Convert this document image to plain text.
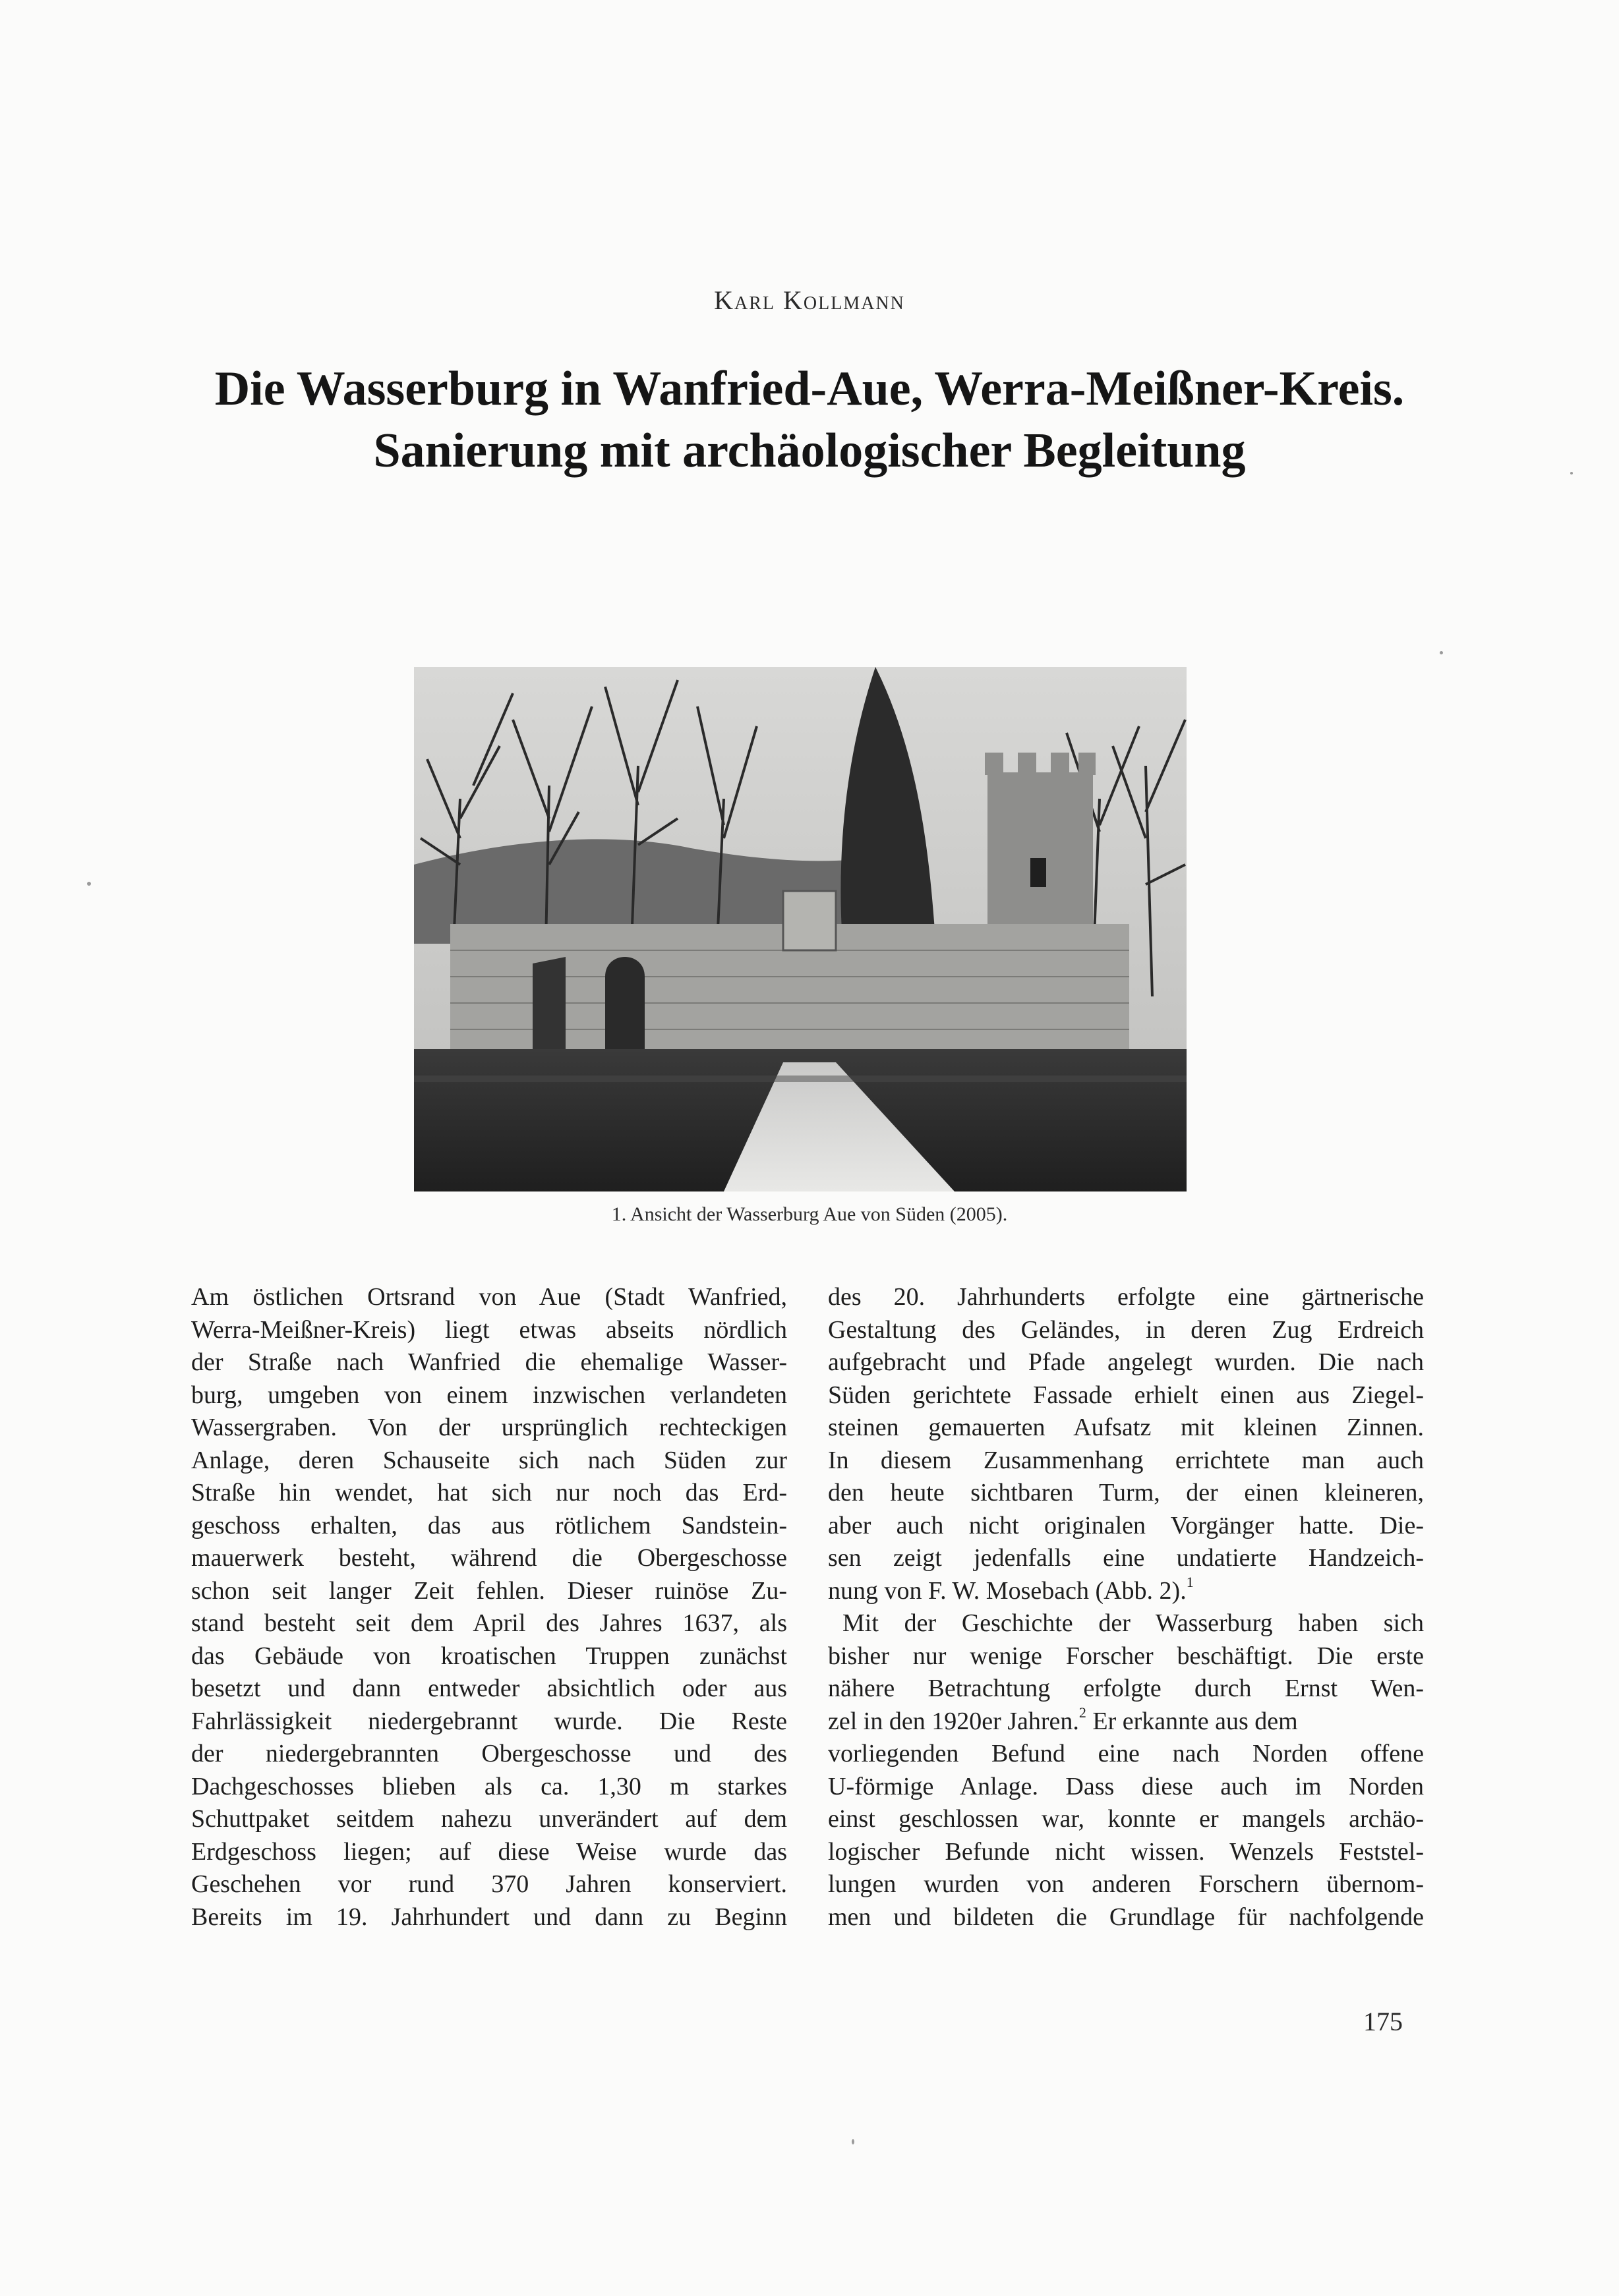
Karl Kollmann
Die Wasserburg in Wanfried-Aue, Werra-Meißner-Kreis.
Sanierung mit archäologischer Begleitung
1. Ansicht der Wasserburg Aue von Süden (2005).
Am östlichen Ortsrand von Aue (Stadt Wanfried,
Werra-Meißner-Kreis) liegt etwas abseits nördlich
der Straße nach Wanfried die ehemalige Wasser-
burg, umgeben von einem inzwischen verlandeten
Wassergraben. Von der ursprünglich rechteckigen
Anlage, deren Schauseite sich nach Süden zur
Straße hin wendet, hat sich nur noch das Erd-
geschoss erhalten, das aus rötlichem Sandstein-
mauerwerk besteht, während die Obergeschosse
schon seit langer Zeit fehlen. Dieser ruinöse Zu-
stand besteht seit dem April des Jahres 1637, als
das Gebäude von kroatischen Truppen zunächst
besetzt und dann entweder absichtlich oder aus
Fahrlässigkeit niedergebrannt wurde. Die Reste
der niedergebrannten Obergeschosse und des
Dachgeschosses blieben als ca. 1,30 m starkes
Schuttpaket seitdem nahezu unverändert auf dem
Erdgeschoss liegen; auf diese Weise wurde das
Geschehen vor rund 370 Jahren konserviert.
Bereits im 19. Jahrhundert und dann zu Beginn
des 20. Jahrhunderts erfolgte eine gärtnerische
Gestaltung des Geländes, in deren Zug Erdreich
aufgebracht und Pfade angelegt wurden. Die nach
Süden gerichtete Fassade erhielt einen aus Ziegel-
steinen gemauerten Aufsatz mit kleinen Zinnen.
In diesem Zusammenhang errichtete man auch
den heute sichtbaren Turm, der einen kleineren,
aber auch nicht originalen Vorgänger hatte. Die-
sen zeigt jedenfalls eine undatierte Handzeich-
nung von F. W. Mosebach (Abb. 2).$^1$
Mit der Geschichte der Wasserburg haben sich
bisher nur wenige Forscher beschäftigt. Die erste
nähere Betrachtung erfolgte durch Ernst Wen-
zel in den 1920er Jahren.$^2$ Er erkannte aus dem
vorliegenden Befund eine nach Norden offene
U-förmige Anlage. Dass diese auch im Norden
einst geschlossen war, konnte er mangels archäo-
logischer Befunde nicht wissen. Wenzels Feststel-
lungen wurden von anderen Forschern übernom-
men und bildeten die Grundlage für nachfolgende
175
